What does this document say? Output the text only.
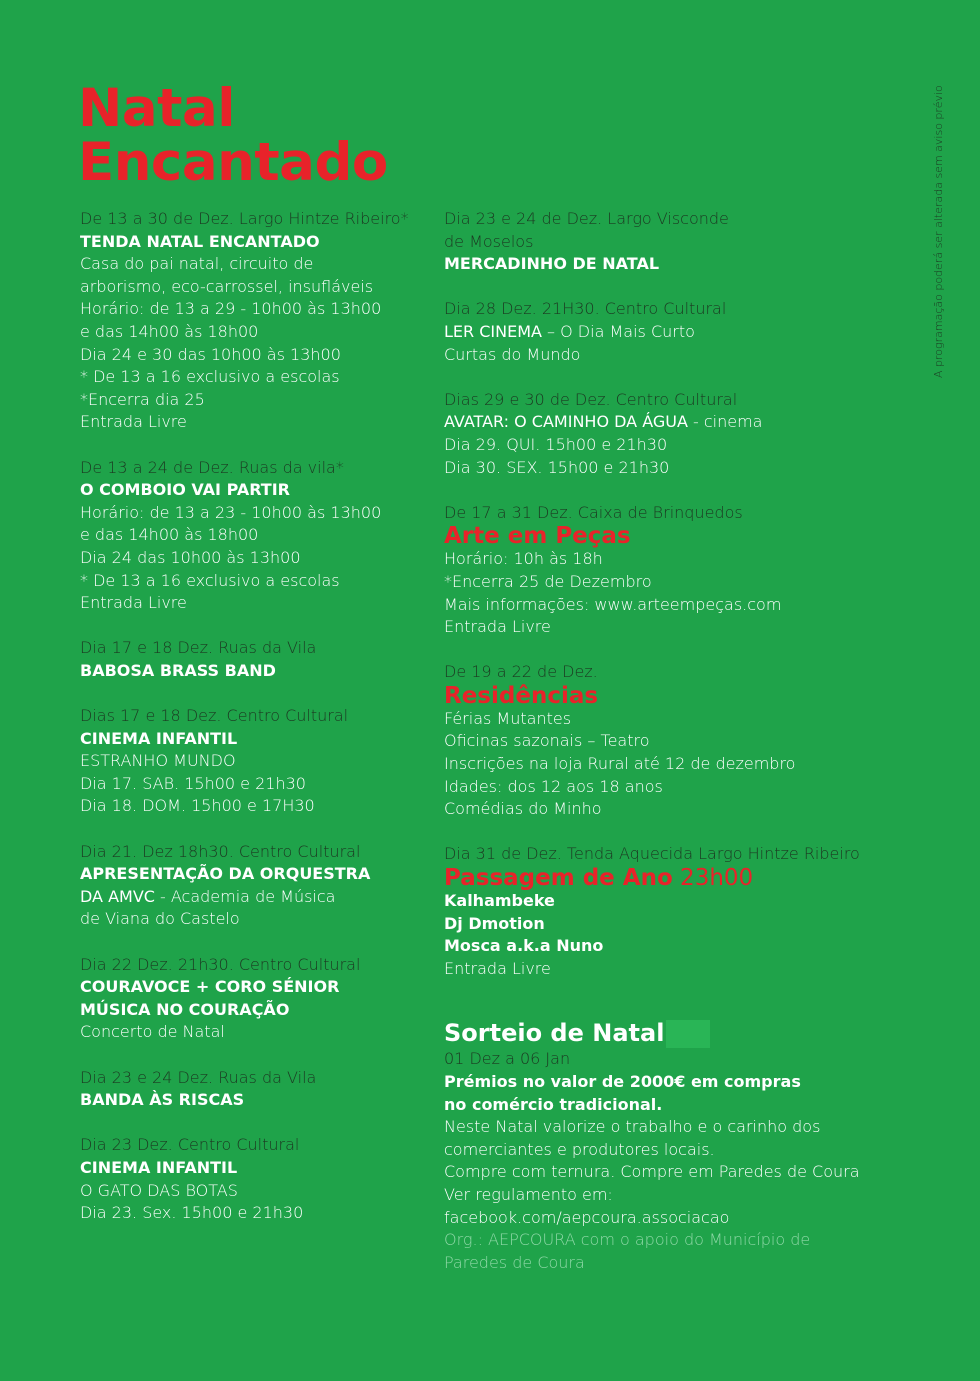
Natal
Encantado	A programação poderá ser alterada sem aviso prévio
De 13 a 30 de Dez. Largo Hintze Ribeiro*
TENDA NATAL ENCANTADO
Casa do pai natal, circuito de
arborismo, eco-carrossel, insufláveis
Horário: de 13 a 29 - 10h00 às 13h00
e das 14h00 às 18h00
Dia 24 e 30 das 10h00 às 13h00
* De 13 a 16 exclusivo a escolas
*Encerra dia 25
Entrada Livre
De 13 a 24 de Dez. Ruas da vila*
O COMBOIO VAI PARTIR
Horário: de 13 a 23 - 10h00 às 13h00
e das 14h00 às 18h00
Dia 24 das 10h00 às 13h00
* De 13 a 16 exclusivo a escolas
Entrada Livre
Dia 17 e 18 Dez. Ruas da Vila
BABOSA BRASS BAND
Dias 17 e 18 Dez. Centro Cultural
CINEMA INFANTIL
ESTRANHO MUNDO
Dia 17. SAB. 15h00 e 21h30
Dia 18. DOM. 15h00 e 17H30
Dia 21. Dez 18h30. Centro Cultural
APRESENTAÇÃO DA ORQUESTRA
DA AMVC - Academia de Música
de Viana do Castelo
Dia 22 Dez. 21h30. Centro Cultural
COURAVOCE + CORO SÉNIOR
MÚSICA NO COURAÇÃO
Concerto de Natal
Dia 23 e 24 Dez. Ruas da Vila
BANDA ÀS RISCAS
Dia 23 Dez. Centro Cultural
CINEMA INFANTIL
O GATO DAS BOTAS
Dia 23. Sex. 15h00 e 21h30
Dia 23 e 24 de Dez. Largo Visconde
de Moselos
MERCADINHO DE NATAL
Dia 28 Dez. 21H30. Centro Cultural
LER CINEMA – O Dia Mais Curto
Curtas do Mundo
Dias 29 e 30 de Dez. Centro Cultural
AVATAR: O CAMINHO DA ÁGUA - cinema
Dia 29. QUI. 15h00 e 21h30
Dia 30. SEX. 15h00 e 21h30
De 17 a 31 Dez. Caixa de Brinquedos
Arte em Peças
Horário: 10h às 18h
*Encerra 25 de Dezembro
Mais informações: www.arteempeças.com
Entrada Livre
De 19 a 22 de Dez.
Residências
Férias Mutantes
Oficinas sazonais – Teatro
Inscrições na loja Rural até 12 de dezembro
Idades: dos 12 aos 18 anos
Comédias do Minho
Dia 31 de Dez. Tenda Aquecida Largo Hintze Ribeiro
Passagem de Ano 23h00
Kalhambeke
Dj Dmotion
Mosca a.k.a Nuno
Entrada Livre
Sorteio de Natal
01 Dez a 06 Jan
Prémios no valor de 2000€ em compras
no comércio tradicional.
Neste Natal valorize o trabalho e o carinho dos
comerciantes e produtores locais.
Compre com ternura. Compre em Paredes de Coura
Ver regulamento em:
facebook.com/aepcoura.associacao
Org.: AEPCOURA com o apoio do Município de
Paredes de Coura
